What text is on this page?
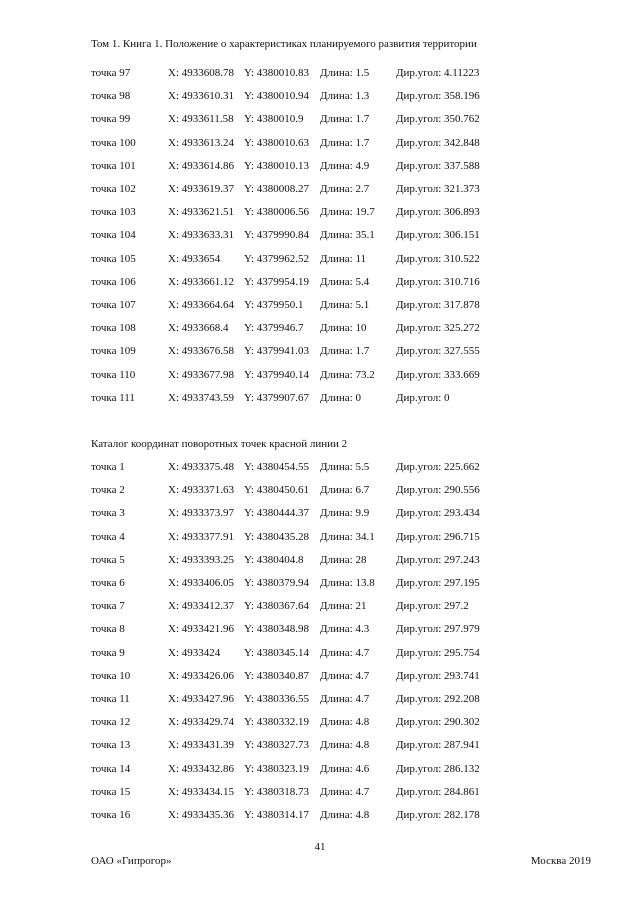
Том 1. Книга 1. Положение о характеристиках планируемого развития территории
точка 97	X: 4933608.78 Y: 4380010.83 Длина: 1.5 Дир.угол: 4.11223
точка 98	X: 4933610.31 Y: 4380010.94 Длина: 1.3 Дир.угол: 358.196
точка 99	X: 4933611.58 Y: 4380010.9 Длина: 1.7 Дир.угол: 350.762
точка 100	X: 4933613.24 Y: 4380010.63 Длина: 1.7 Дир.угол: 342.848
точка 101	X: 4933614.86 Y: 4380010.13 Длина: 4.9 Дир.угол: 337.588
точка 102	X: 4933619.37 Y: 4380008.27 Длина: 2.7 Дир.угол: 321.373
точка 103	X: 4933621.51 Y: 4380006.56 Длина: 19.7 Дир.угол: 306.893
точка 104	X: 4933633.31 Y: 4379990.84 Длина: 35.1 Дир.угол: 306.151
точка 105	X: 4933654 Y: 4379962.52 Длина: 11	Дир.угол: 310.522
точка 106	X: 4933661.12 Y: 4379954.19 Длина: 5.4 Дир.угол: 310.716
точка 107	X: 4933664.64 Y: 4379950.1 Длина: 5.1 Дир.угол: 317.878
точка 108	X: 4933668.4 Y: 4379946.7 Длина: 10	Дир.угол: 325.272
точка 109	X: 4933676.58 Y: 4379941.03 Длина: 1.7 Дир.угол: 327.555
точка 110	X: 4933677.98 Y: 4379940.14 Длина: 73.2 Дир.угол: 333.669
точка 111	X: 4933743.59 Y: 4379907.67 Длина: 0	Дир.угол: 0
Каталог координат поворотных точек красной линии 2
точка 1	X: 4933375.48 Y: 4380454.55 Длина: 5.5 Дир.угол: 225.662
точка 2	X: 4933371.63 Y: 4380450.61 Длина: 6.7 Дир.угол: 290.556
точка 3	X: 4933373.97 Y: 4380444.37 Длина: 9.9 Дир.угол: 293.434
точка 4	X: 4933377.91 Y: 4380435.28 Длина: 34.1 Дир.угол: 296.715
точка 5	X: 4933393.25 Y: 4380404.8 Длина: 28	Дир.угол: 297.243
точка 6	X: 4933406.05 Y: 4380379.94 Длина: 13.8 Дир.угол: 297.195
точка 7	X: 4933412.37 Y: 4380367.64 Длина: 21	Дир.угол: 297.2
точка 8	X: 4933421.96 Y: 4380348.98 Длина: 4.3 Дир.угол: 297.979
точка 9	X: 4933424 Y: 4380345.14 Длина: 4.7 Дир.угол: 295.754
точка 10	X: 4933426.06 Y: 4380340.87 Длина: 4.7 Дир.угол: 293.741
точка 11	X: 4933427.96 Y: 4380336.55 Длина: 4.7 Дир.угол: 292.208
точка 12	X: 4933429.74 Y: 4380332.19 Длина: 4.8 Дир.угол: 290.302
точка 13	X: 4933431.39 Y: 4380327.73 Длина: 4.8 Дир.угол: 287.941
точка 14	X: 4933432.86 Y: 4380323.19 Длина: 4.6 Дир.угол: 286.132
точка 15	X: 4933434.15 Y: 4380318.73 Длина: 4.7 Дир.угол: 284.861
точка 16	X: 4933435.36 Y: 4380314.17 Длина: 4.8 Дир.угол: 282.178
41
ОАО «Гипрогор»	Москва 2019
